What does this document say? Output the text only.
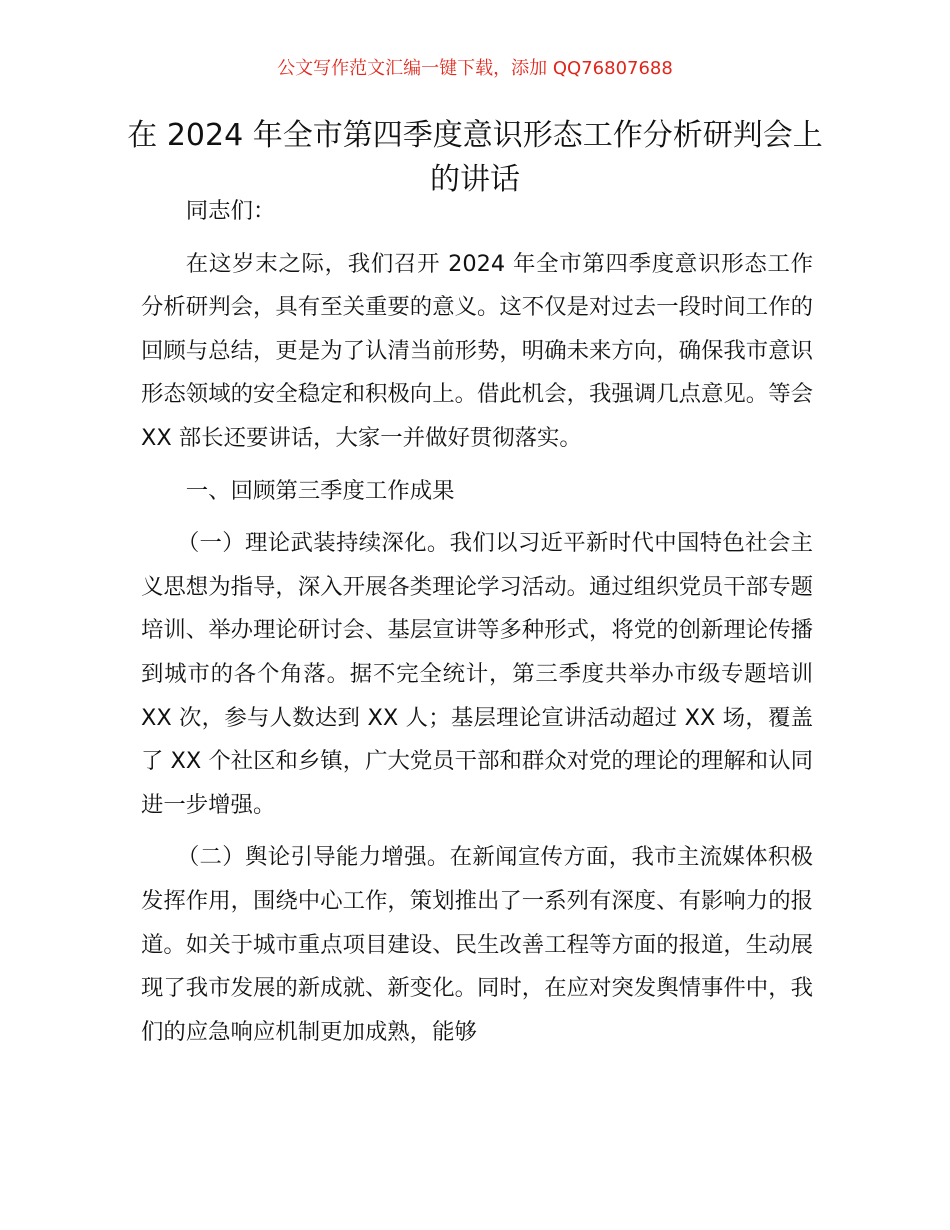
公文写作范文汇编一键下载，添加 QQ76807688
在 2024 年全市第四季度意识形态工作分析研判会上的讲话

同志们：

在这岁末之际，我们召开 2024 年全市第四季度意识形态工作分析研判会，具有至关重要的意义。这不仅是对过去一段时间工作的回顾与总结，更是为了认清当前形势，明确未来方向，确保我市意识形态领域的安全稳定和积极向上。借此机会，我强调几点意见。等会 XX 部长还要讲话，大家一并做好贯彻落实。

一、回顾第三季度工作成果

（一）理论武装持续深化。我们以习近平新时代中国特色社会主义思想为指导，深入开展各类理论学习活动。通过组织党员干部专题培训、举办理论研讨会、基层宣讲等多种形式，将党的创新理论传播到城市的各个角落。据不完全统计，第三季度共举办市级专题培训 XX 次，参与人数达到 XX 人；基层理论宣讲活动超过 XX 场，覆盖了 XX 个社区和乡镇，广大党员干部和群众对党的理论的理解和认同进一步增强。

（二）舆论引导能力增强。在新闻宣传方面，我市主流媒体积极发挥作用，围绕中心工作，策划推出了一系列有深度、有影响力的报道。如关于城市重点项目建设、民生改善工程等方面的报道，生动展现了我市发展的新成就、新变化。同时，在应对突发舆情事件中，我们的应急响应机制更加成熟，能够
